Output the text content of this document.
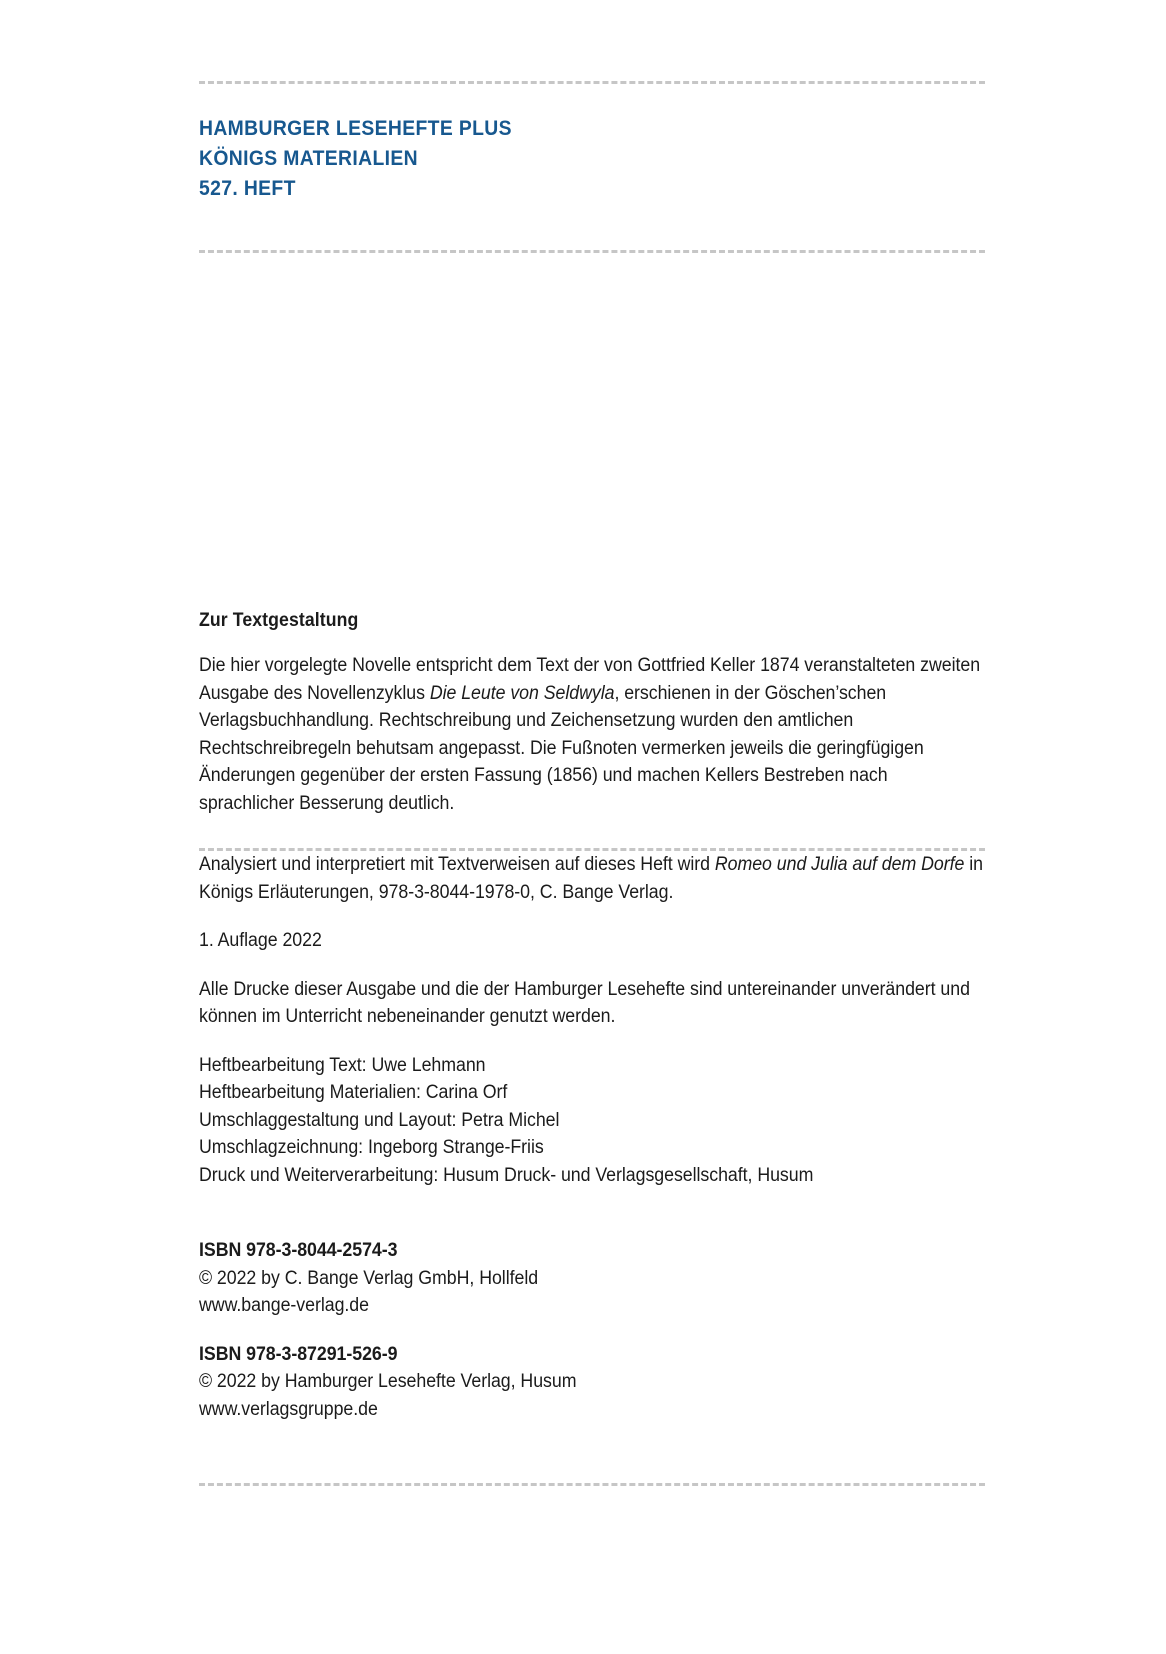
HAMBURGER LESEHEFTE PLUS
KÖNIGS MATERIALIEN
527. HEFT
Zur Textgestaltung

Die hier vorgelegte Novelle entspricht dem Text der von Gottfried Keller 1874 veranstalteten zweiten Ausgabe des Novellenzyklus Die Leute von Seldwyla, erschienen in der Göschen’schen Verlagsbuchhandlung. Rechtschreibung und Zeichensetzung wurden den amtlichen Rechtschreibregeln behutsam angepasst. Die Fußnoten vermerken jeweils die geringfügigen Änderungen gegenüber der ersten Fassung (1856) und machen Kellers Bestreben nach sprachlicher Besserung deutlich.

Analysiert und interpretiert mit Textverweisen auf dieses Heft wird Romeo und Julia auf dem Dorfe in Königs Erläuterungen, 978-3-8044-1978-0, C. Bange Verlag.

1. Auflage 2022

Alle Drucke dieser Ausgabe und die der Hamburger Lesehefte sind untereinander unverändert und können im Unterricht nebeneinander genutzt werden.

Heftbearbeitung Text: Uwe Lehmann
Heftbearbeitung Materialien: Carina Orf
Umschlaggestaltung und Layout: Petra Michel
Umschlagzeichnung: Ingeborg Strange-Friis
Druck und Weiterverarbeitung: Husum Druck- und Verlagsgesellschaft, Husum
ISBN 978-3-8044-2574-3
© 2022 by C. Bange Verlag GmbH, Hollfeld
www.bange-verlag.de
ISBN 978-3-87291-526-9
© 2022 by Hamburger Lesehefte Verlag, Husum
www.verlagsgruppe.de
